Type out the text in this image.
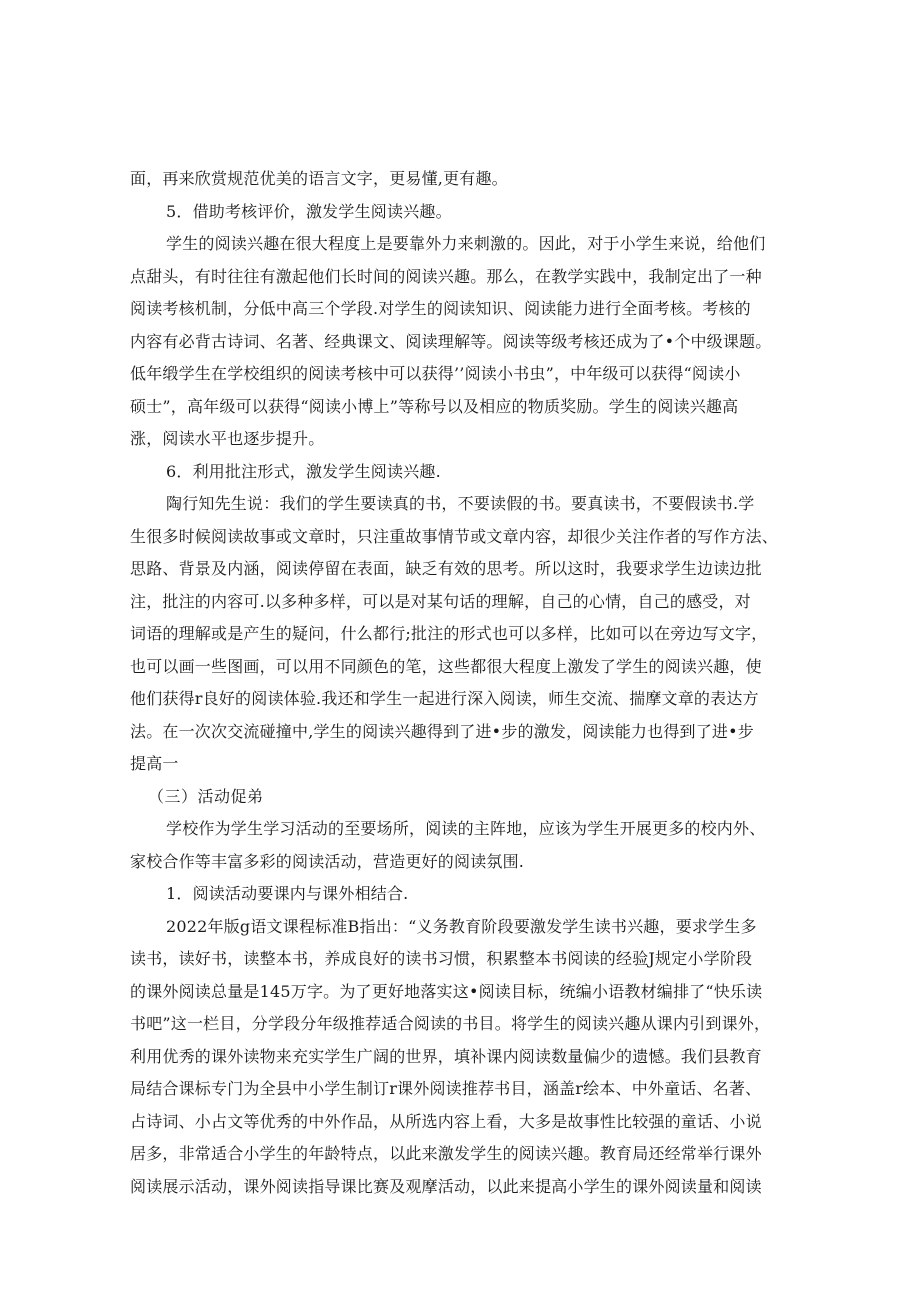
面，再来欣赏规范优美的语言文字，更易懂,更有趣。
5．借助考核评价，激发学生阅读兴趣。
学生的阅读兴趣在很大程度上是要靠外力来刺激的。因此，对于小学生来说，给他们
点甜头，有时往往有激起他们长时间的阅读兴趣。那么，在教学实践中，我制定出了一种
阅读考核机制，分低中高三个学段.对学生的阅读知识、阅读能力进行全面考核。考核的
内容有必背古诗词、名著、经典课文、阅读理解等。阅读等级考核还成为了•个中级课题。
低年缎学生在学校组织的阅读考核中可以获得’’阅读小书虫”，中年级可以获得“阅读小
硕士”，高年级可以获得“阅读小博上”等称号以及相应的物质奖励。学生的阅读兴趣高
涨，阅读水平也逐步提升。
6．利用批注形式，激发学生阅读兴趣.
陶行知先生说：我们的学生要读真的书，不要读假的书。要真读书，不要假读书.学
生很多时候阅读故事或文章时，只注重故事情节或文章内容，却很少关注作者的写作方法、
思路、背景及内涵，阅读停留在表面，缺乏有效的思考。所以这时，我要求学生边读边批
注，批注的内容可.以多种多样，可以是对某句话的理解，自己的心情，自己的感受，对
词语的理解或是产生的疑问，什么都行;批注的形式也可以多样，比如可以在旁边写文字，
也可以画一些图画，可以用不同颜色的笔，这些都很大程度上激发了学生的阅读兴趣，使
他们获得r良好的阅读体验.我还和学生一起进行深入阅读，师生交流、揣摩文章的表达方
法。在一次次交流碰撞中,学生的阅读兴趣得到了进•步的激发，阅读能力也得到了进•步
提高一
（三）活动促弟
学校作为学生学习活动的至要场所，阅读的主阵地，应该为学生开展更多的校内外、
家校合作等丰富多彩的阅读活动，营造更好的阅读氛围.
1．阅读活动要课内与课外相结合.
2022年版g语文课程标准B指出：“义务教育阶段要激发学生读书兴趣，要求学生多
读书，读好书，读整本书，养成良好的读书习惯，积累整本书阅读的经验J规定小学阶段
的课外阅读总量是145万字。为了更好地落实这•阅读目标，统编小语教材编排了“快乐读
书吧”这一栏目，分学段分年级推荐适合阅读的书目。将学生的阅读兴趣从课内引到课外，
利用优秀的课外读物来充实学生广阔的世界，填补课内阅读数量偏少的遗憾。我们县教育
局结合课标专门为全县中小学生制订r课外阅读推荐书目，涵盖r绘本、中外童话、名著、
占诗词、小占文等优秀的中外作品，从所选内容上看，大多是故事性比较强的童话、小说
居多，非常适合小学生的年龄特点，以此来激发学生的阅读兴趣。教育局还经常举行课外
阅读展示活动，课外阅读指导课比赛及观摩活动，以此来提高小学生的课外阅读量和阅读
